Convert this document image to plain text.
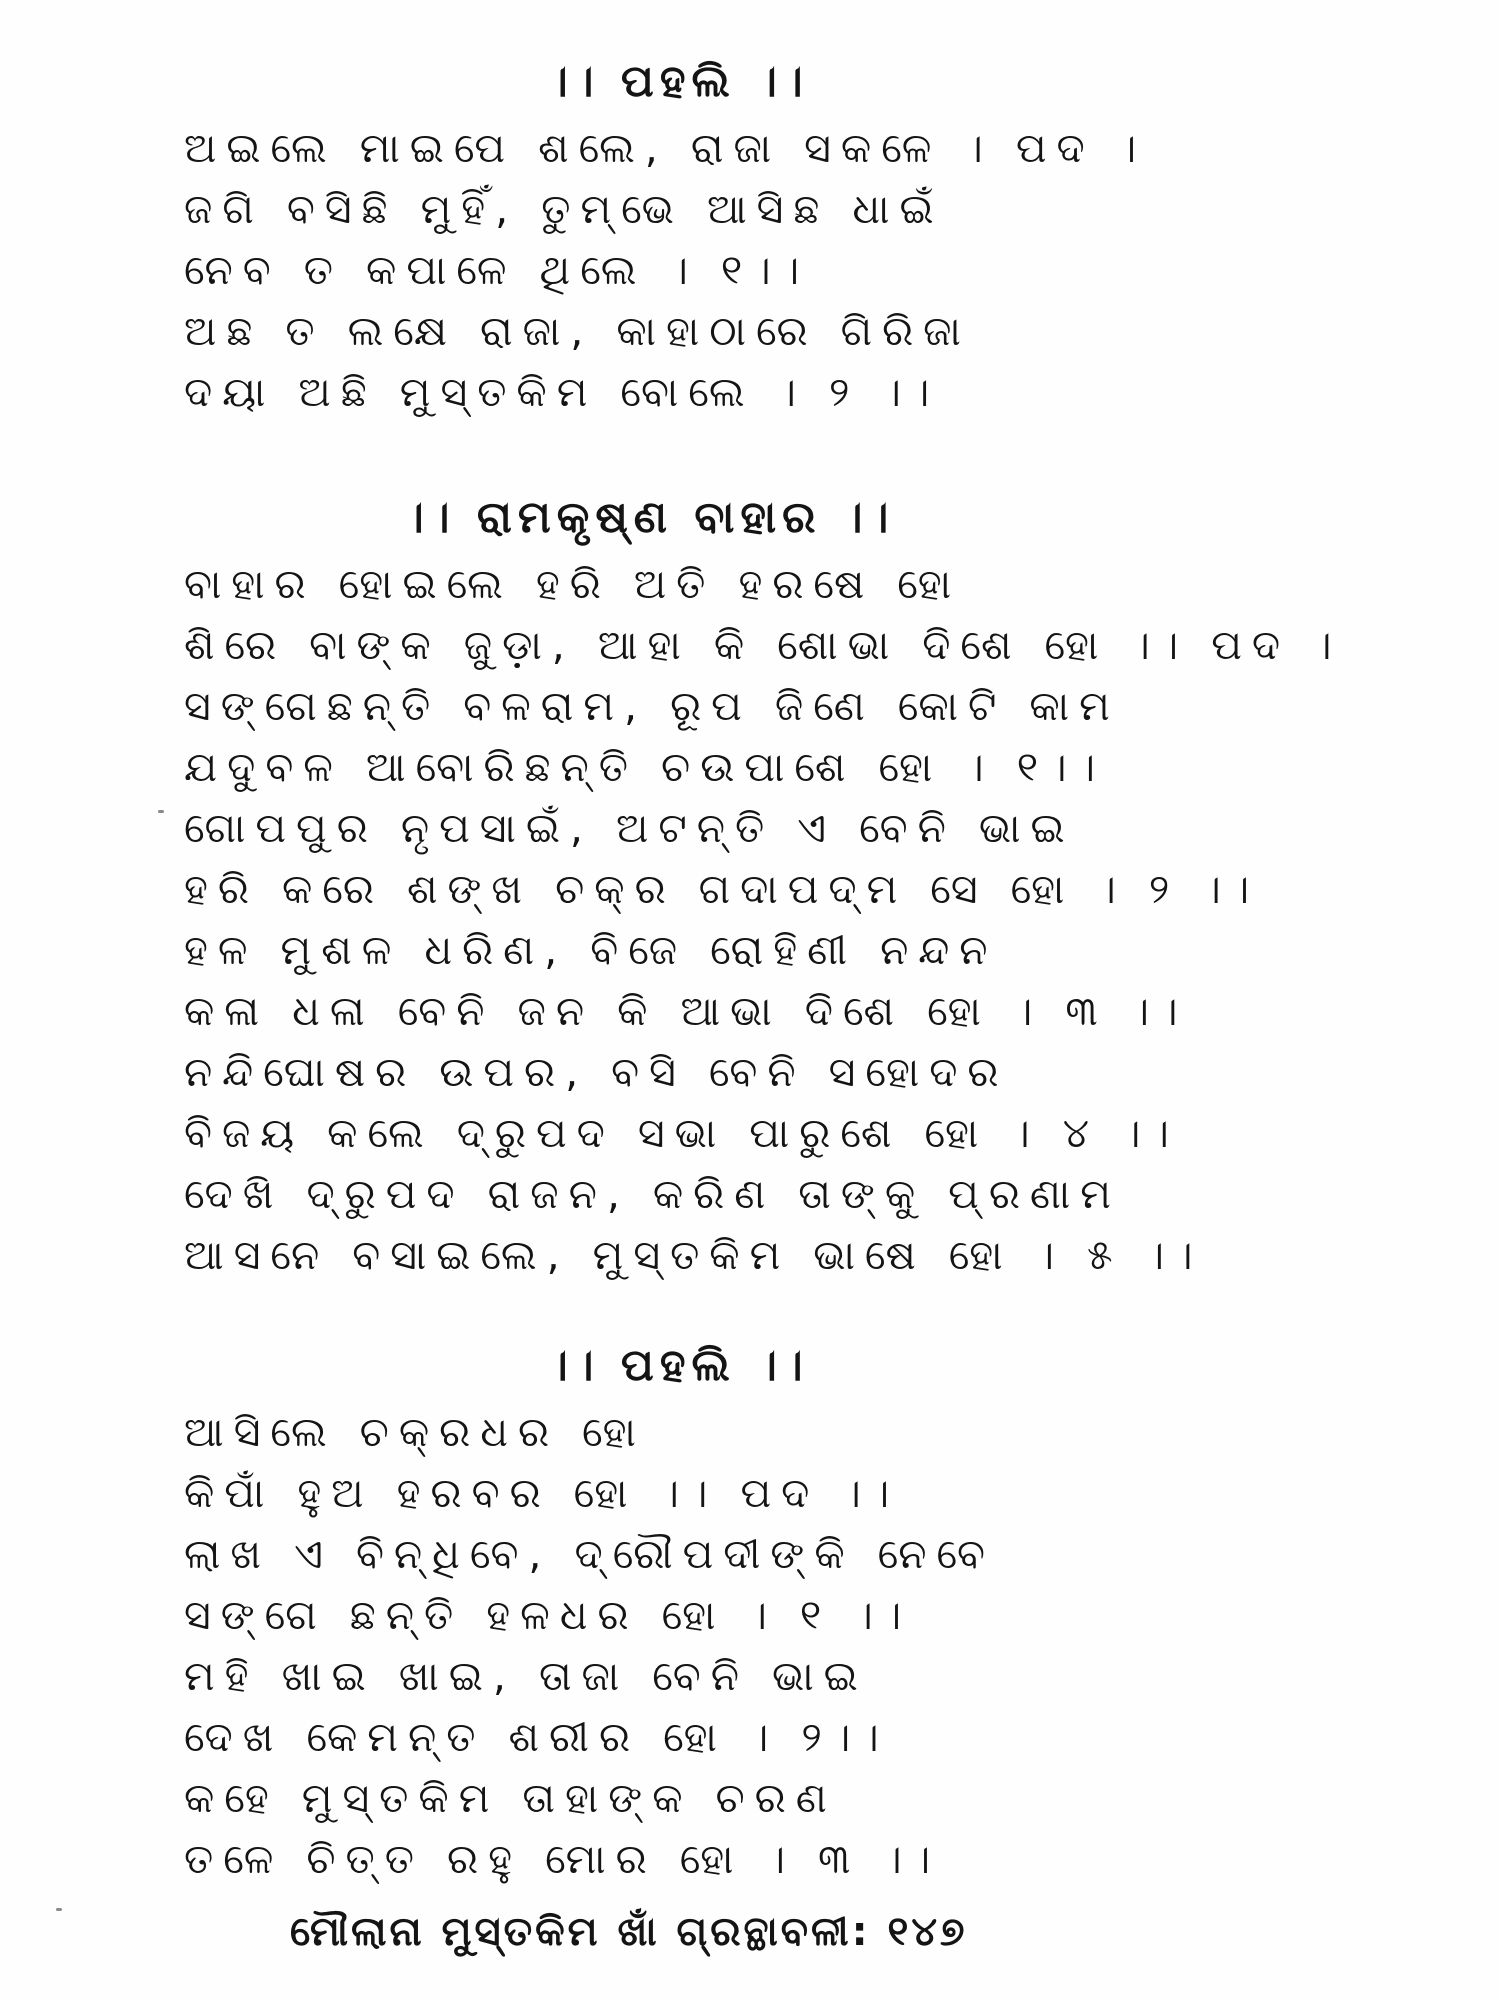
।। ପହଲି ।।
ଅଇଲେ ମାଇପେ ଶଲେ, ରାଜା ସକଳେ । ପଦ ।
ଜଗି ବସିଛି ମୁହିଁ, ତୁମ୍ଭେ ଆସିଛ ଧାଇଁ
ନେବ ତ କପାଳେ ଥିଲେ । ୧।।
ଅଛ ତ ଲକ୍ଷେ ରାଜା, କାହାଠାରେ ଗିରିଜା
ଦୟା ଅଛି ମୁସ୍ତକିମ ବୋଲେ । ୨ ।।
।। ରାମକୃଷ୍ଣ ବାହାର ।।
ବାହାର ହୋଇଲେ ହରି ଅତି ହରଷେ ହୋ
ଶିରେ ବାଙ୍କ ଜୁଡ଼ା, ଆହା କି ଶୋଭା ଦିଶେ ହୋ ।। ପଦ ।
ସଙ୍ଗେଛନ୍ତି ବଳରାମ, ରୂପ ଜିଣେ କୋଟି କାମ
ଯଦୁବଳ ଆବୋରିଛନ୍ତି ଚଉପାଶେ ହୋ । ୧।।
ଗୋପପୁର ନୃପସାଇଁ, ଅଟନ୍ତି ଏ ବେନି ଭାଇ
ହରି କରେ ଶଙ୍ଖ ଚକ୍ର ଗଦାପଦ୍ମ ସେ ହୋ । ୨ ।।
ହଳ ମୁଶଳ ଧରିଣ, ବିଜେ ରୋହିଣୀ ନନ୍ଦନ
କଳା ଧଳା ବେନି ଜନ କି ଆଭା ଦିଶେ ହୋ । ୩ ।।
ନନ୍ଦିଘୋଷର ଉପର, ବସି ବେନି ସହୋଦର
ବିଜୟ କଲେ ଦ୍ରୁପଦ ସଭା ପାରୁଶେ ହୋ । ୪ ।।
ଦେଖି ଦ୍ରୁପଦ ରାଜନ, କରିଣ ତାଙ୍କୁ ପ୍ରଣାମ
ଆସନେ ବସାଇଲେ, ମୁସ୍ତକିମ ଭାଷେ ହୋ । ୫ ।।
।। ପହଲି ।।
ଆସିଲେ ଚକ୍ରଧର ହୋ
କିପାଁ ହୁଅ ହରବର ହୋ ।। ପଦ ।।
ଲାଖ ଏ ବିନ୍ଧିବେ, ଦ୍ରୌପଦୀଙ୍କି ନେବେ
ସଙ୍ଗେ ଛନ୍ତି ହଳଧର ହୋ । ୧ ।।
ମହି ଖାଇ ଖାଇ, ତାଜା ବେନି ଭାଇ
ଦେଖ କେମନ୍ତ ଶରୀର ହୋ । ୨।।
କହେ ମୁସ୍ତକିମ ତାହାଙ୍କ ଚରଣ
ତଳେ ଚିତ୍ତ ରହୁ ମୋର ହୋ । ୩ ।।
ମୌଲାନା ମୁସ୍ତକିମ ଖାଁ ଗ୍ରନ୍ଥାବଳୀ: ୧୪୭
